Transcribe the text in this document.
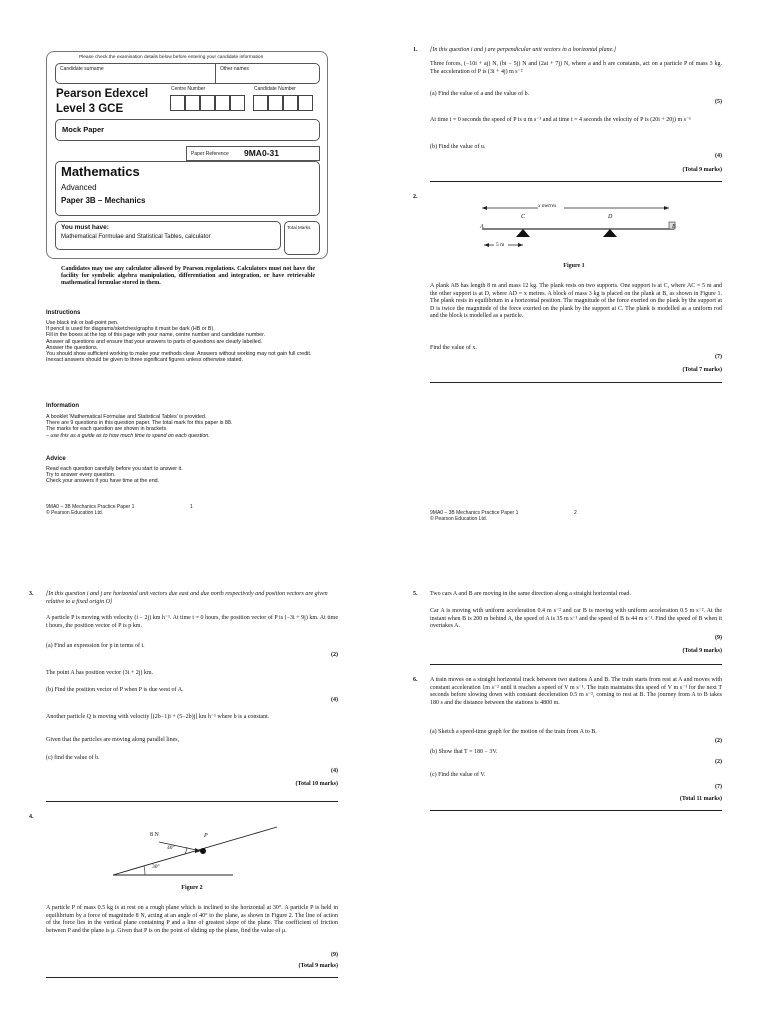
Please check the examination details below before entering your candidate information
Candidate surname	Other names
Pearson Edexcel
Level 3 GCE
Centre Number	Candidate Number
Mock Paper
Paper Reference 9MA0-31
Mathematics
Advanced
Paper 3B – Mechanics
You must have:
Mathematical Formulae and Statistical Tables, calculator
Total Marks
Candidates may use any calculator allowed by Pearson regulations. Calculators must not have the facility for symbolic algebra manipulation, differentiation and integration, or have retrievable mathematical formulae stored in them.
Instructions
Use black ink or ball-point pen.
If pencil is used for diagrams/sketches/graphs it must be dark (HB or B).
Fill in the boxes at the top of this page with your name, centre number and candidate number.
Answer all questions and ensure that your answers to parts of questions are clearly labelled.
Answer the questions.
You should show sufficient working to make your methods clear. Answers without working may not gain full credit.
Inexact answers should be given to three significant figures unless otherwise stated.
Information
A booklet 'Mathematical Formulae and Statistical Tables' is provided.
There are 9 questions in this question paper. The total mark for this paper is 88.
The marks for each question are shown in brackets
– use this as a guide as to how much time to spend on each question.
Advice
Read each question carefully before you start to answer it.
Try to answer every question.
Check your answers if you have time at the end.
9MA0 – 3B Mechanics Practice Paper 1
© Pearson Education Ltd.
1
1. [In this question i and j are perpendicular unit vectors in a horizontal plane.]
Three forces, (−10i + aj) N, (bi − 5j) N and (2ai + 7j) N, where a and b are constants, act on a particle P of mass 3 kg. The acceleration of P is (3i + 4j) m s⁻²
(a) Find the value of a and the value of b.
(5)
At time t = 0 seconds the speed of P is u m s⁻¹ and at time t = 4 seconds the velocity of P is (20i + 20j) m s⁻¹
(b) Find the value of u.
(4)
(Total 9 marks)
2.
x metres
5 m
A	B
C	D
Figure 1
A plank AB has length 8 m and mass 12 kg. The plank rests on two supports. One support is at C, where AC = 5 m and the other support is at D, where AD = x metres. A block of mass 3 kg is placed on the plank at B, as shown in Figure 1. The plank rests in equilibrium in a horizontal position. The magnitude of the force exerted on the plank by the support at D is twice the magnitude of the force exerted on the plank by the support at C. The plank is modelled as a uniform rod and the block is modelled as a particle.
Find the value of x.
(7)
(Total 7 marks)
9MA0 – 3B Mechanics Practice Paper 1	2
© Pearson Education Ltd.
3. [In this question i and j are horizontal unit vectors due east and due north respectively and position vectors are given relative to a fixed origin O]
A particle P is moving with velocity (i − 2j) km h⁻¹. At time t = 0 hours, the position vector of P is (−3i + 9j) km. At time t hours, the position vector of P is p km.
(a) Find an expression for p in terms of t.
(2)
The point A has position vector (3i + 2j) km.
(b) Find the position vector of P when P is due west of A.
(4)
Another particle Q is moving with velocity [(2b−1)i + (5−2b)j] km h⁻¹ where b is a constant.
Given that the particles are moving along parallel lines,
(c) find the value of b.
(4)
(Total 10 marks)
4.
8 N	P
40°
30°
Figure 2
A particle P of mass 0.5 kg is at rest on a rough plane which is inclined to the horizontal at 30°. A particle P is held in equilibrium by a force of magnitude 8 N, acting at an angle of 40° to the plane, as shown in Figure 2. The line of action of the force lies in the vertical plane containing P and a line of greatest slope of the plane. The coefficient of friction between P and the plane is μ. Given that P is on the point of sliding up the plane, find the value of μ.
(9)
(Total 9 marks)
5. Two cars A and B are moving in the same direction along a straight horizontal road.
Car A is moving with uniform acceleration 0.4 m s⁻² and car B is moving with uniform acceleration 0.5 m s⁻². At the instant when B is 200 m behind A, the speed of A is 35 m s⁻¹ and the speed of B is 44 m s⁻¹. Find the speed of B when it overtakes A.
(9)
(Total 9 marks)
6. A train moves on a straight horizontal track between two stations A and B. The train starts from rest at A and moves with constant acceleration 1m s⁻² until it reaches a speed of V m s⁻¹. The train maintains this speed of V m s⁻¹ for the next T seconds before slowing down with constant deceleration 0.5 m s⁻², coming to rest at B. The journey from A to B takes 180 s and the distance between the stations is 4800 m.
(a) Sketch a speed-time graph for the motion of the train from A to B.
(2)
(b) Show that T = 180 − 3V.
(2)
(c) Find the value of V.
(7)
(Total 11 marks)
